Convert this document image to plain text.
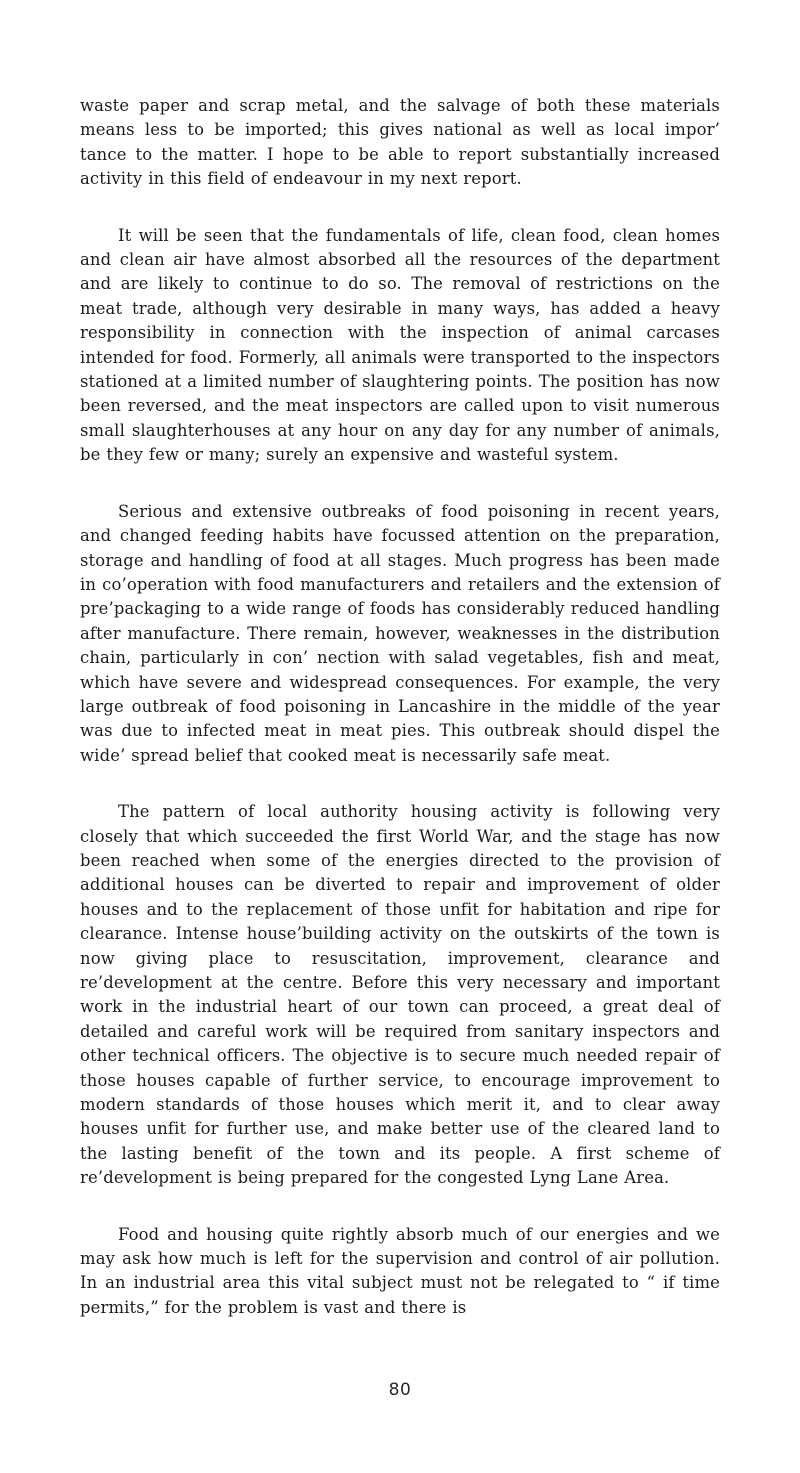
waste paper and scrap metal, and the salvage of both these materials means less to be imported; this gives national as well as local impor’ tance to the matter. I hope to be able to report substantially increased activity in this field of endeavour in my next report.

It will be seen that the fundamentals of life, clean food, clean homes and clean air have almost absorbed all the resources of the department and are likely to continue to do so. The removal of restrictions on the meat trade, although very desirable in many ways, has added a heavy responsibility in connection with the inspection of animal carcases intended for food. Formerly, all animals were transported to the inspectors stationed at a limited number of slaughtering points. The position has now been reversed, and the meat inspectors are called upon to visit numerous small slaughterhouses at any hour on any day for any number of animals, be they few or many; surely an expensive and wasteful system.

Serious and extensive outbreaks of food poisoning in recent years, and changed feeding habits have focussed attention on the preparation, storage and handling of food at all stages. Much progress has been made in co’operation with food manufacturers and retailers and the extension of pre’packaging to a wide range of foods has considerably reduced handling after manufacture. There remain, however, weaknesses in the distribution chain, particularly in con’ nection with salad vegetables, fish and meat, which have severe and widespread consequences. For example, the very large outbreak of food poisoning in Lancashire in the middle of the year was due to infected meat in meat pies. This outbreak should dispel the wide’ spread belief that cooked meat is necessarily safe meat.

The pattern of local authority housing activity is following very closely that which succeeded the first World War, and the stage has now been reached when some of the energies directed to the provision of additional houses can be diverted to repair and improvement of older houses and to the replacement of those unfit for habitation and ripe for clearance. Intense house’building activity on the outskirts of the town is now giving place to resuscitation, improvement, clearance and re’development at the centre. Before this very necessary and important work in the industrial heart of our town can proceed, a great deal of detailed and careful work will be required from sanitary inspectors and other technical officers. The objective is to secure much needed repair of those houses capable of further service, to encourage improvement to modern standards of those houses which merit it, and to clear away houses unfit for further use, and make better use of the cleared land to the lasting benefit of the town and its people. A first scheme of re’development is being prepared for the congested Lyng Lane Area.

Food and housing quite rightly absorb much of our energies and we may ask how much is left for the supervision and control of air pollution. In an industrial area this vital subject must not be relegated to “ if time permits,” for the problem is vast and there is

80
